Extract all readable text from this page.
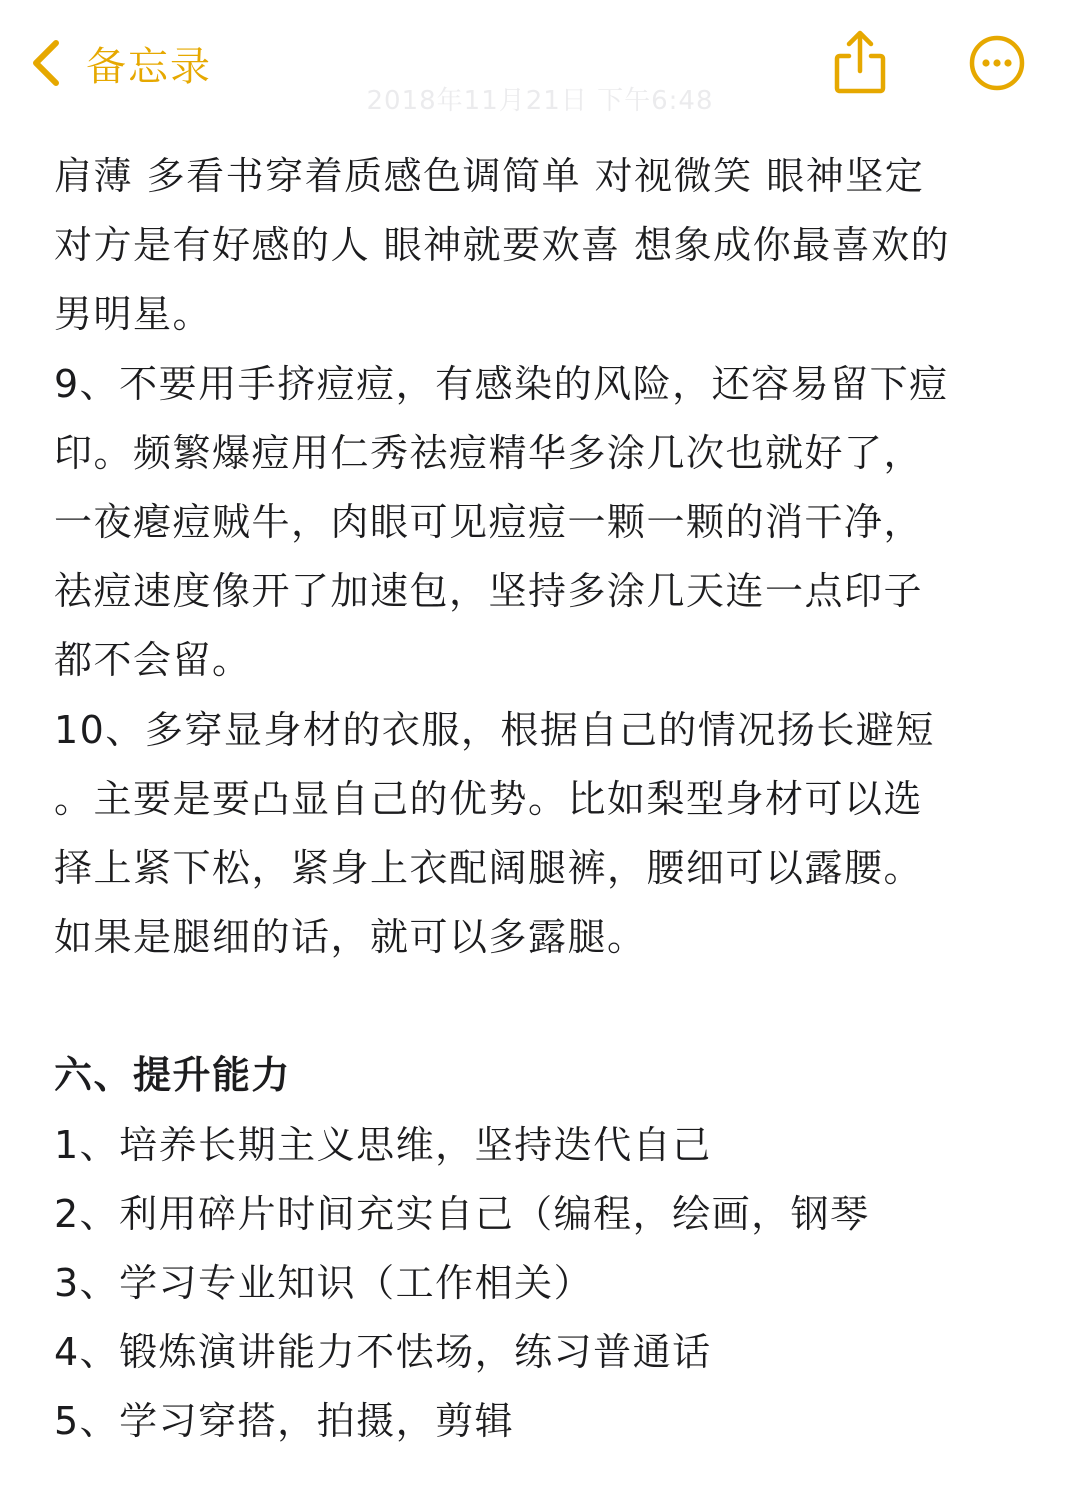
备忘录
2018年11月21日 下午6:48
肩薄 多看书穿着质感色调简单 对视微笑 眼神坚定
对方是有好感的人 眼神就要欢喜 想象成你最喜欢的
男明星。
9、不要用手挤痘痘，有感染的风险，还容易留下痘
印。频繁爆痘用仁秀祛痘精华多涂几次也就好了，
一夜瘪痘贼牛，肉眼可见痘痘一颗一颗的消干净，
祛痘速度像开了加速包，坚持多涂几天连一点印子
都不会留。
10、多穿显身材的衣服，根据自己的情况扬长避短
。主要是要凸显自己的优势。比如梨型身材可以选
择上紧下松，紧身上衣配阔腿裤，腰细可以露腰。
如果是腿细的话，就可以多露腿。
六、提升能力
1、培养长期主义思维，坚持迭代自己
2、利用碎片时间充实自己（编程，绘画，钢琴
3、学习专业知识（工作相关）
4、锻炼演讲能力不怯场，练习普通话
5、学习穿搭，拍摄，剪辑
